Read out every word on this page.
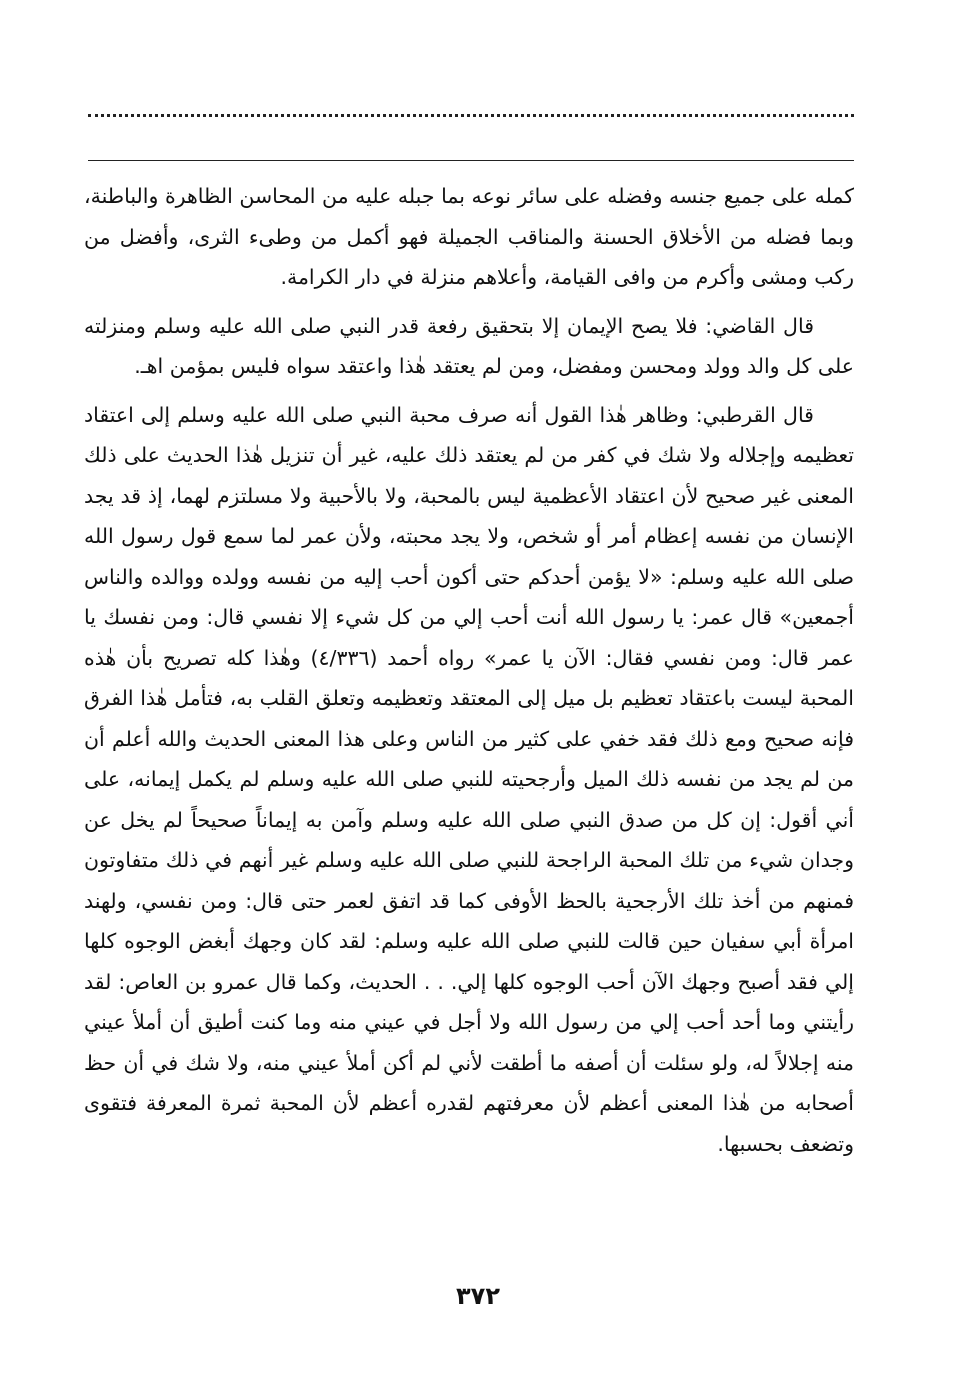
كمله على جميع جنسه وفضله على سائر نوعه بما جبله عليه من المحاسن الظاهرة والباطنة، وبما فضله من الأخلاق الحسنة والمناقب الجميلة فهو أكمل من وطىء الثرى، وأفضل من ركب ومشى وأكرم من وافى القيامة، وأعلاهم منزلة في دار الكرامة.

قال القاضي: فلا يصح الإيمان إلا بتحقيق رفعة قدر النبي صلى الله عليه وسلم ومنزلته على كل والد وولد ومحسن ومفضل، ومن لم يعتقد هٰذا واعتقد سواه فليس بمؤمن اهـ.

قال القرطبي: وظاهر هٰذا القول أنه صرف محبة النبي صلى الله عليه وسلم إلى اعتقاد تعظيمه وإجلاله ولا شك في كفر من لم يعتقد ذلك عليه، غير أن تنزيل هٰذا الحديث على ذلك المعنى غير صحيح لأن اعتقاد الأعظمية ليس بالمحبة، ولا بالأحبية ولا مسلتزم لهما، إذ قد يجد الإنسان من نفسه إعظام أمر أو شخص، ولا يجد محبته، ولأن عمر لما سمع قول رسول الله صلى الله عليه وسلم: «لا يؤمن أحدكم حتى أكون أحب إليه من نفسه وولده ووالده والناس أجمعين» قال عمر: يا رسول الله أنت أحب إلي من كل شيء إلا نفسي قال: ومن نفسك يا عمر قال: ومن نفسي فقال: الآن يا عمر» رواه أحمد (٤/٣٣٦) وهٰذا كله تصريح بأن هٰذه المحبة ليست باعتقاد تعظيم بل ميل إلى المعتقد وتعظيمه وتعلق القلب به، فتأمل هٰذا الفرق فإنه صحيح ومع ذلك فقد خفي على كثير من الناس وعلى هذا المعنى الحديث والله أعلم أن من لم يجد من نفسه ذلك الميل وأرجحيته للنبي صلى الله عليه وسلم لم يكمل إيمانه، على أني أقول: إن كل من صدق النبي صلى الله عليه وسلم وآمن به إيماناً صحيحاً لم يخل عن وجدان شيء من تلك المحبة الراجحة للنبي صلى الله عليه وسلم غير أنهم في ذلك متفاوتون فمنهم من أخذ تلك الأرجحية بالحظ الأوفى كما قد اتفق لعمر حتى قال: ومن نفسي، ولهند امرأة أبي سفيان حين قالت للنبي صلى الله عليه وسلم: لقد كان وجهك أبغض الوجوه كلها إلي فقد أصبح وجهك الآن أحب الوجوه كلها إلي. . . الحديث، وكما قال عمرو بن العاص: لقد رأيتني وما أحد أحب إلي من رسول الله ولا أجل في عيني منه وما كنت أطيق أن أملأ عيني منه إجلالاً له، ولو سئلت أن أصفه ما أطقت لأني لم أكن أملأ عيني منه، ولا شك في أن حظ أصحابه من هٰذا المعنى أعظم لأن معرفتهم لقدره أعظم لأن المحبة ثمرة المعرفة فتقوى وتضعف بحسبها.

٣٧٢
